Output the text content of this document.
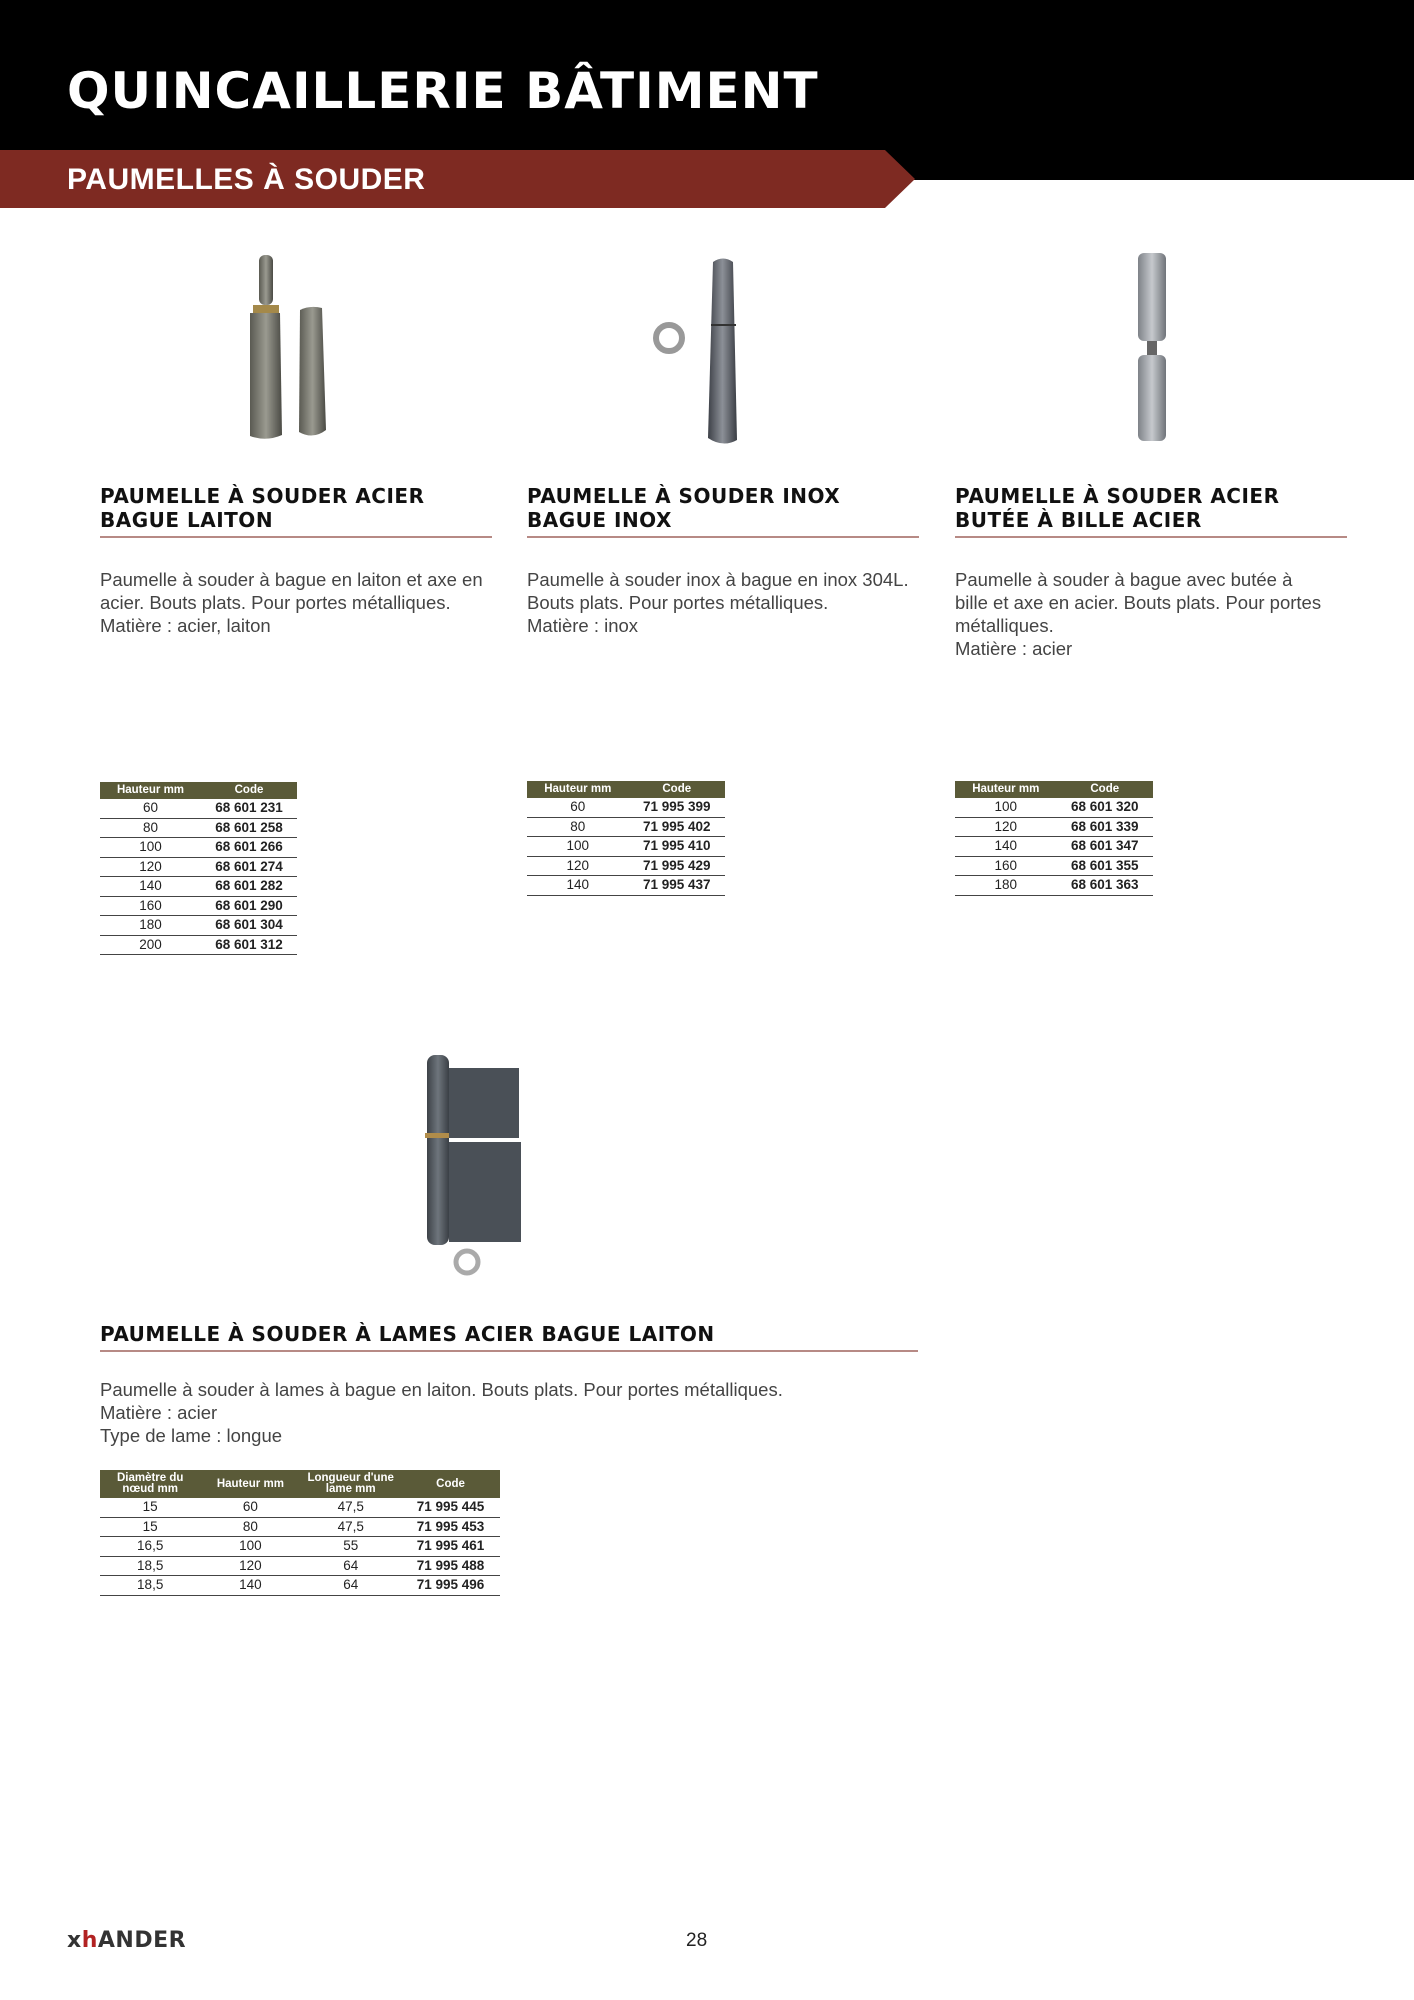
QUINCAILLERIE BÂTIMENT
PAUMELLES À SOUDER
PAUMELLE À SOUDER ACIER
BAGUE LAITON
Paumelle à souder à bague en laiton et axe en
acier. Bouts plats. Pour portes métalliques.
Matière : acier, laiton
Hauteur mm	Code
60	68 601 231
80	68 601 258
100	68 601 266
120	68 601 274
140	68 601 282
160	68 601 290
180	68 601 304
200	68 601 312
PAUMELLE À SOUDER INOX
BAGUE INOX
Paumelle à souder inox à bague en inox 304L.
Bouts plats. Pour portes métalliques.
Matière : inox
Hauteur mm	Code
60	71 995 399
80	71 995 402
100	71 995 410
120	71 995 429
140	71 995 437
PAUMELLE À SOUDER ACIER
BUTÉE À BILLE ACIER
Paumelle à souder à bague avec butée à
bille et axe en acier. Bouts plats. Pour portes
métalliques.
Matière : acier
Hauteur mm	Code
100	68 601 320
120	68 601 339
140	68 601 347
160	68 601 355
180	68 601 363
PAUMELLE À SOUDER À LAMES ACIER BAGUE LAITON
Paumelle à souder à lames à bague en laiton. Bouts plats. Pour portes métalliques.
Matière : acier
Type de lame : longue
Diamètre du nœud mm	Hauteur mm	Longueur d'une lame mm	Code
15	60	47,5	71 995 445
15	80	47,5	71 995 453
16,5	100	55	71 995 461
18,5	120	64	71 995 488
18,5	140	64	71 995 496
xhANDER	28
